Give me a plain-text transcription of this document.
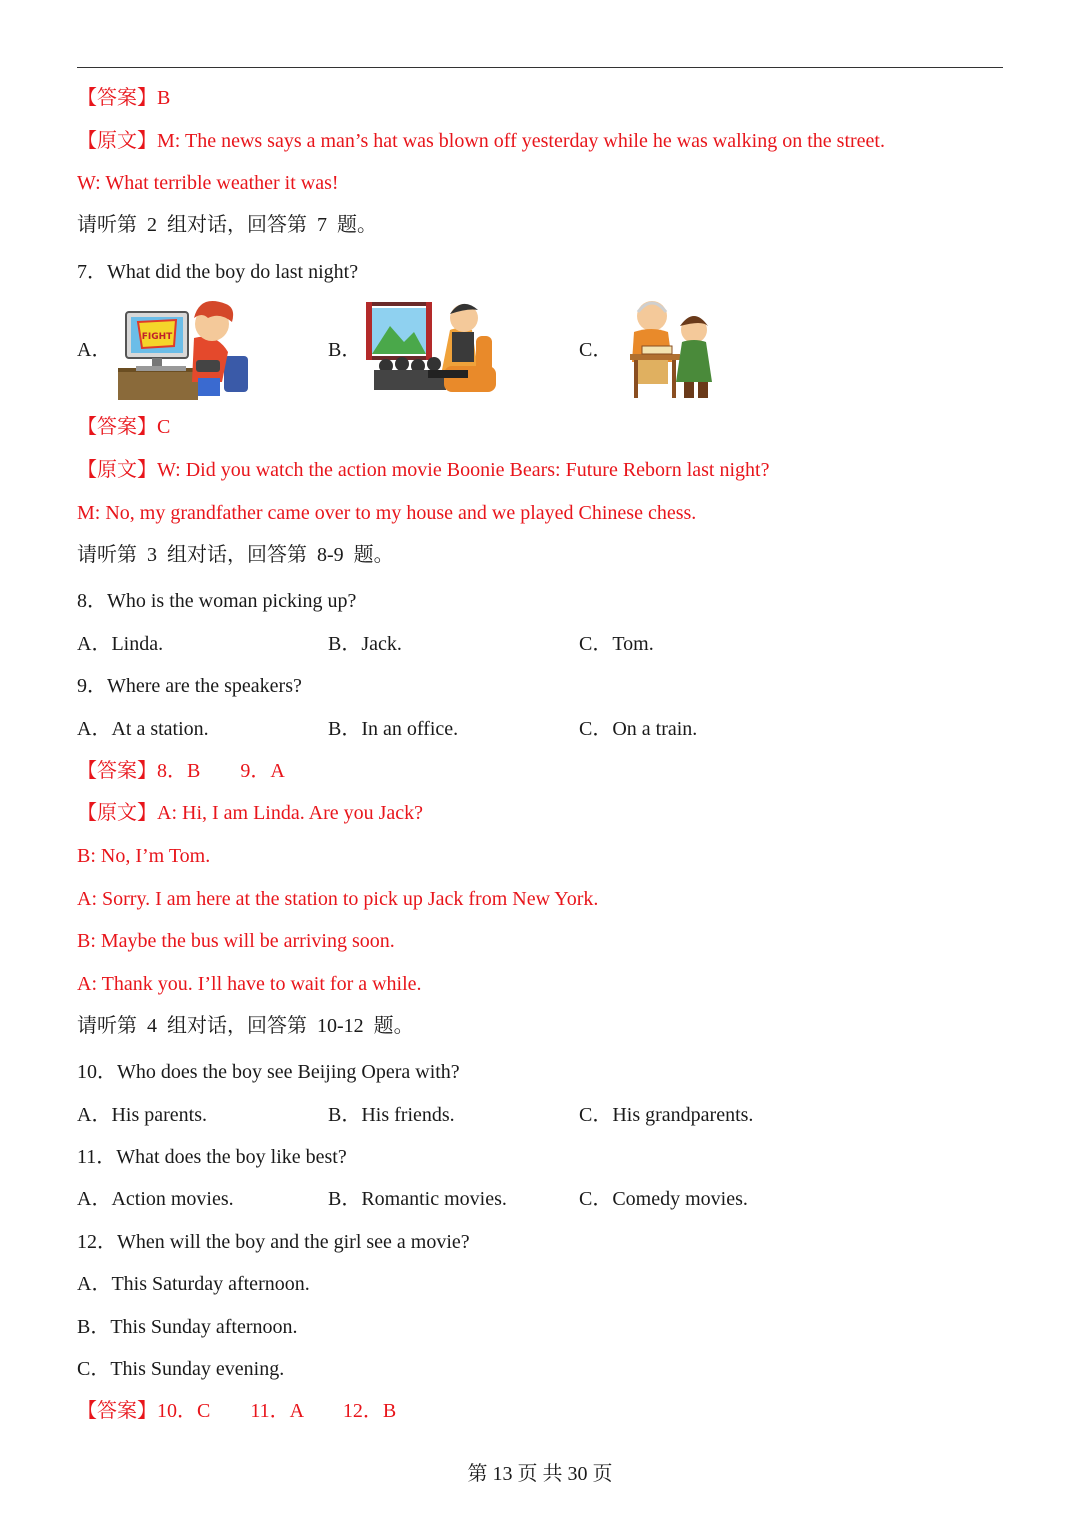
【答案】B
【原文】M: The news says a man’s hat was blown off yesterday while he was walking on the street.
W: What terrible weather it was!
请听第  2  组对话，回答第  7  题。
7．What did the boy do last night?
A．	B．	C．
FIGHT
【答案】C
【原文】W: Did you watch the action movie Boonie Bears: Future Reborn last night?
M: No, my grandfather came over to my house and we played Chinese chess.
请听第  3  组对话，回答第  8-9  题。
8．Who is the woman picking up?
A．Linda.	B．Jack.	C．Tom.
9．Where are the speakers?
A．At a station.	B．In an office.	C．On a train.
【答案】8．B        9．A
【原文】A: Hi, I am Linda. Are you Jack?
B: No, I’m Tom.
A: Sorry. I am here at the station to pick up Jack from New York.
B: Maybe the bus will be arriving soon.
A: Thank you. I’ll have to wait for a while.
请听第  4  组对话，回答第  10-12  题。
10．Who does the boy see Beijing Opera with?
A．His parents.	B．His friends.	C．His grandparents.
11．What does the boy like best?
A．Action movies.	B．Romantic movies.	C．Comedy movies.
12．When will the boy and the girl see a movie?
A．This Saturday afternoon.
B．This Sunday afternoon.
C．This Sunday evening.
【答案】10．C        11．A        12．B
第 13 页 共 30 页
